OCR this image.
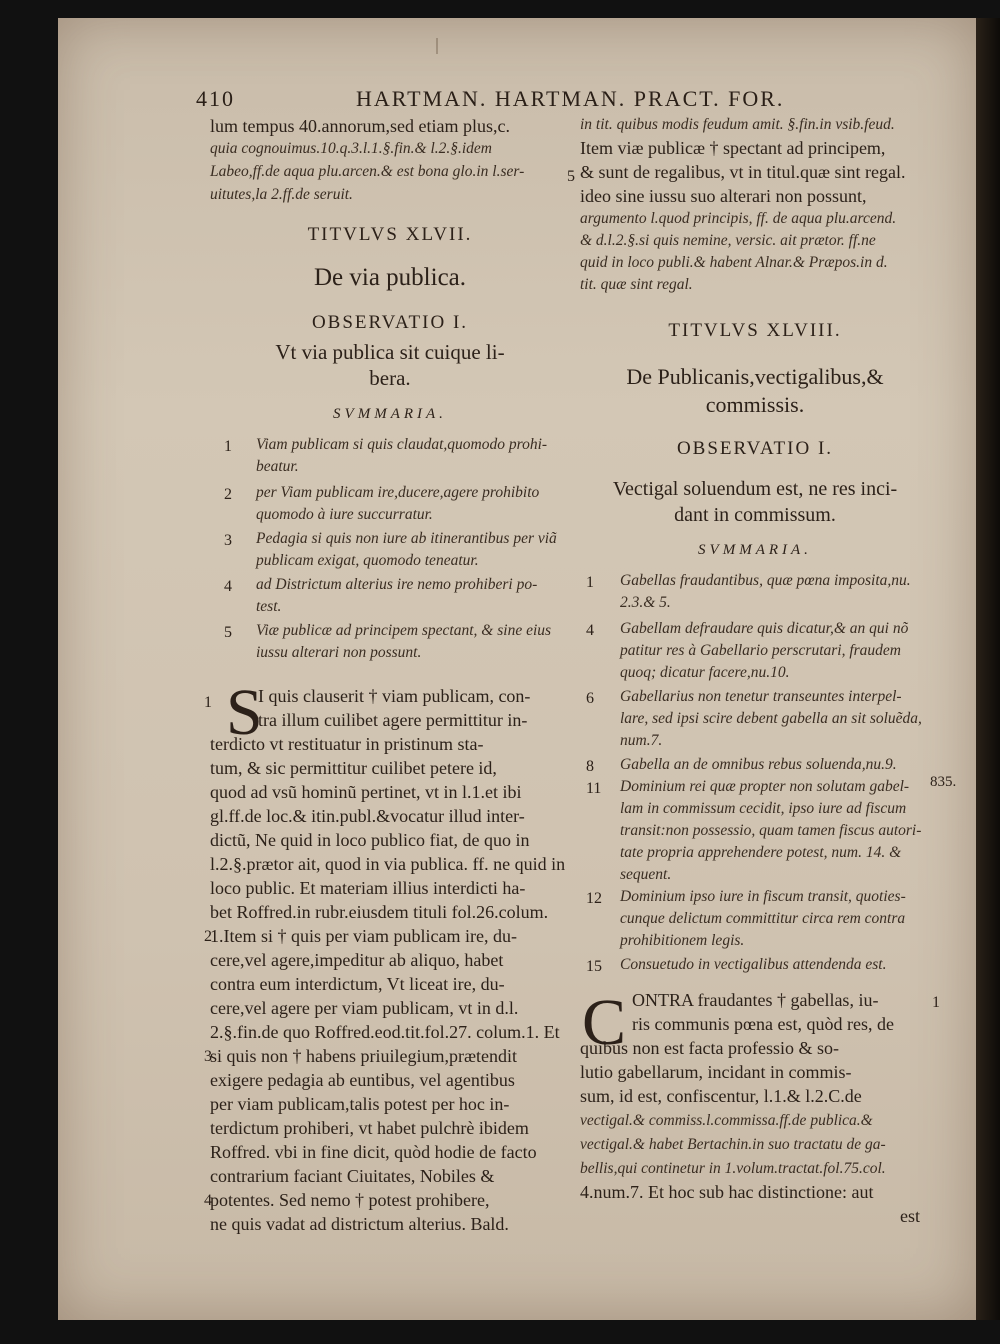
410	HARTMAN. HARTMAN. PRACT. FOR.
lum tempus 40.annorum,sed etiam plus,c.
quia cognouimus.10.q.3.l.1.§.fin.& l.2.§.idem
Labeo,ff.de aqua plu.arcen.& est bona glo.in l.ser-
uitutes,la 2.ff.de seruit.
TITVLVS XLVII.
De via publica.
OBSERVATIO I.
Vt via publica sit cuique li-
bera.
SVMMARIA.
1 Viam publicam si quis claudat,quomodo prohi-
beatur.
2 per Viam publicam ire,ducere,agere prohibito
quomodo à iure succurratur.
3 Pedagia si quis non iure ab itinerantibus per viã
publicam exigat, quomodo teneatur.
4 ad Districtum alterius ire nemo prohiberi po-
test.
5 Viæ publicæ ad principem spectant, & sine eius
iussu alterari non possunt.
S
1	I quis clauserit † viam publicam, con-
tra illum cuilibet agere permittitur in-
terdicto vt restituatur in pristinum sta-
tum, & sic permittitur cuilibet petere id,
quod ad vsũ hominũ pertinet, vt in l.1.et ibi
gl.ff.de loc.& itin.publ.&vocatur illud inter-
dictũ, Ne quid in loco publico fiat, de quo in
l.2.§.prætor ait, quod in via publica. ff. ne quid in
loco public. Et materiam illius interdicti ha-
bet Roffred.in rubr.eiusdem tituli fol.26.colum.
2
1.Item si † quis per viam publicam ire, du-
cere,vel agere,impeditur ab aliquo, habet
contra eum interdictum, Vt liceat ire, du-
cere,vel agere per viam publicam, vt in d.l.
2.§.fin.de quo Roffred.eod.tit.fol.27. colum.1. Et
3
si quis non † habens priuilegium,prætendit
exigere pedagia ab euntibus, vel agentibus
per viam publicam,talis potest per hoc in-
terdictum prohiberi, vt habet pulchrè ibidem
Roffred. vbi in fine dicit, quòd hodie de facto
contrarium faciant Ciuitates, Nobiles &
4
potentes. Sed nemo † potest prohibere,
ne quis vadat ad districtum alterius. Bald.
in tit. quibus modis feudum amit. §.fin.in vsib.feud.
Item viæ publicæ † spectant ad principem,
& sunt de regalibus, vt in titul.quæ sint regal.
ideo sine iussu suo alterari non possunt,
argumento l.quod principis, ff. de aqua plu.arcend.
& d.l.2.§.si quis nemine, versic. ait prætor. ff.ne
quid in loco publi.& habent Alnar.& Præpos.in d.
tit. quæ sint regal.
TITVLVS XLVIII.
De Publicanis,vectigalibus,&
commissis.
OBSERVATIO I.
Vectigal soluendum est, ne res inci-
dant in commissum.
SVMMARIA.
1 Gabellas fraudantibus, quæ pœna imposita,nu.
2.3.& 5.
4 Gabellam defraudare quis dicatur,& an qui nõ
patitur res à Gabellario perscrutari, fraudem
quoq; dicatur facere,nu.10.
6 Gabellarius non tenetur transeuntes interpel-
lare, sed ipsi scire debent gabella an sit soluẽda,
num.7.
8 Gabella an de omnibus rebus soluenda,nu.9.
11 Dominium rei quæ propter non solutam gabel-
lam in commissum cecidit, ipso iure ad fiscum
transit:non possessio, quam tamen fiscus autori-
tate propria apprehendere potest, num. 14. &
sequent.
12 Dominium ipso iure in fiscum transit, quoties-
cunque delictum committitur circa rem contra
prohibitionem legis.
15 Consuetudo in vectigalibus attendenda est.
C ONTRA fraudantes † gabellas, iu-
ris communis pœna est, quòd res, de
quibus non est facta professio & so-
lutio gabellarum, incidant in commis-
sum, id est, confiscentur, l.1.& l.2.C.de
vectigal.& commiss.l.commissa.ff.de publica.&
vectigal.& habet Bertachin.in suo tractatu de ga-
bellis,qui continetur in 1.volum.tractat.fol.75.col.
4.num.7. Et hoc sub hac distinctione: aut
est
1
5
835.
